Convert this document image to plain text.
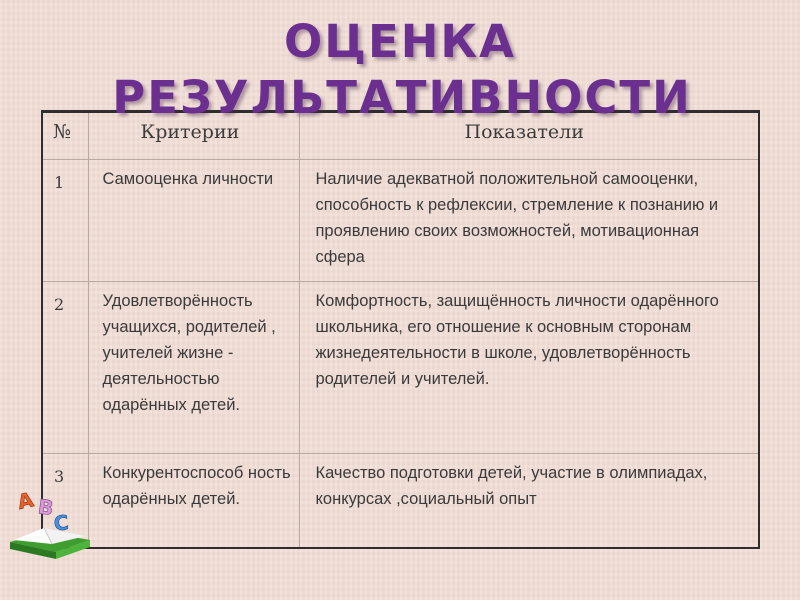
ОЦЕНКА
РЕЗУЛЬТАТИВНОСТИ
№	Критерии	Показатели
1	Самооценка личности	Наличие адекватной положительной самооценки, способность к рефлексии, стремление к познанию и проявлению своих возможностей, мотивационная сфера
2	Удовлетворённость учащихся, родителей , учителей жизне - деятельностью одарённых детей.	Комфортность, защищённость личности одарённого школьника, его отношение к основным сторонам жизнедеятельности в школе, удовлетворённость родителей и учителей.
3	Конкурентоспособ ность одарённых детей.	Качество подготовки детей, участие в олимпиадах, конкурсах ,социальный опыт
A B
C
